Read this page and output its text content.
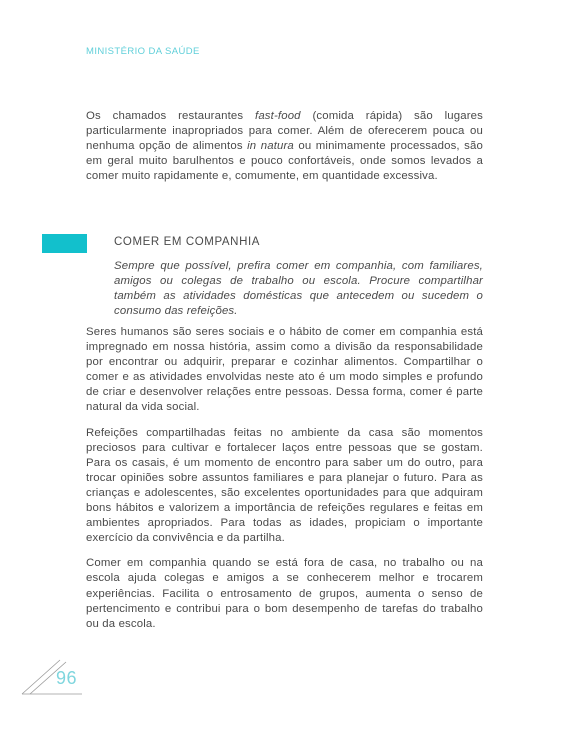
MINISTÉRIO DA SAÚDE

Os chamados restaurantes fast-food (comida rápida) são lugares particularmente inapropriados para comer. Além de oferecerem pouca ou nenhuma opção de alimentos in natura ou minimamente processados, são em geral muito barulhentos e pouco confortáveis, onde somos levados a comer muito rapidamente e, comumente, em quantidade excessiva.

COMER EM COMPANHIA
Sempre que possível, prefira comer em companhia, com familiares, amigos ou colegas de trabalho ou escola. Procure compartilhar também as atividades domésticas que antecedem ou sucedem o consumo das refeições.

Seres humanos são seres sociais e o hábito de comer em companhia está impregnado em nossa história, assim como a divisão da responsabilidade por encontrar ou adquirir, preparar e cozinhar alimentos. Compartilhar o comer e as atividades envolvidas neste ato é um modo simples e profundo de criar e desenvolver relações entre pessoas. Dessa forma, comer é parte natural da vida social.

Refeições compartilhadas feitas no ambiente da casa são momentos preciosos para cultivar e fortalecer laços entre pessoas que se gostam. Para os casais, é um momento de encontro para saber um do outro, para trocar opiniões sobre assuntos familiares e para planejar o futuro. Para as crianças e adolescentes, são excelentes oportunidades para que adquiram bons hábitos e valorizem a importância de refeições regulares e feitas em ambientes apropriados. Para todas as idades, propiciam o importante exercício da convivência e da partilha.

Comer em companhia quando se está fora de casa, no trabalho ou na escola ajuda colegas e amigos a se conhecerem melhor e trocarem experiências. Facilita o entrosamento de grupos, aumenta o senso de pertencimento e contribui para o bom desempenho de tarefas do trabalho ou da escola.

96
